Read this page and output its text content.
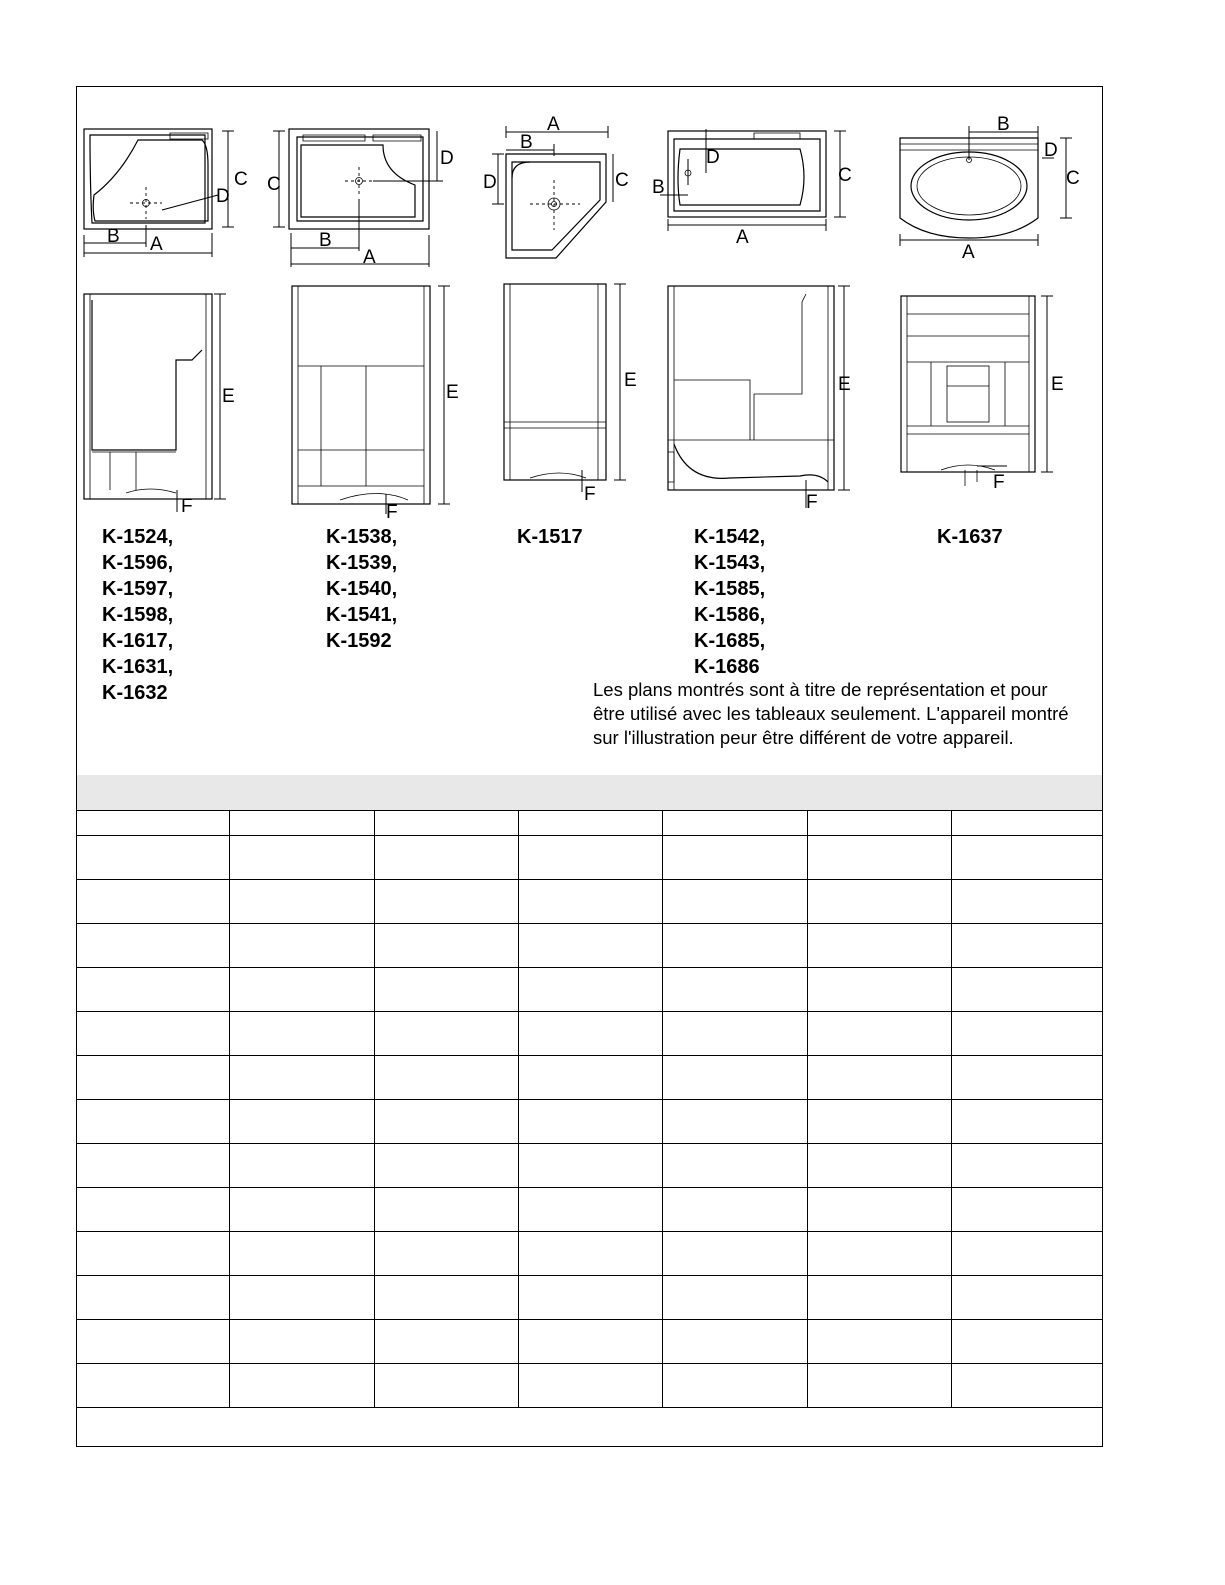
C
D
B A
E
F
D
C
B
A
E
F
A
B
D	C
E
F
D
C
B
A
E
F
B
D
C
A
E
F
K-1524,
K-1596,
K-1597,
K-1598,
K-1617,
K-1631,
K-1632
K-1538,
K-1539,
K-1540,
K-1541,
K-1592
K-1517	K-1542,
K-1543,
K-1585,
K-1586,
K-1685,
K-1686
K-1637

Les plans montrés sont à titre de représentation et pour
être utilisé avec les tableaux seulement. L'appareil montré
sur l'illustration peur être différent de votre appareil.
